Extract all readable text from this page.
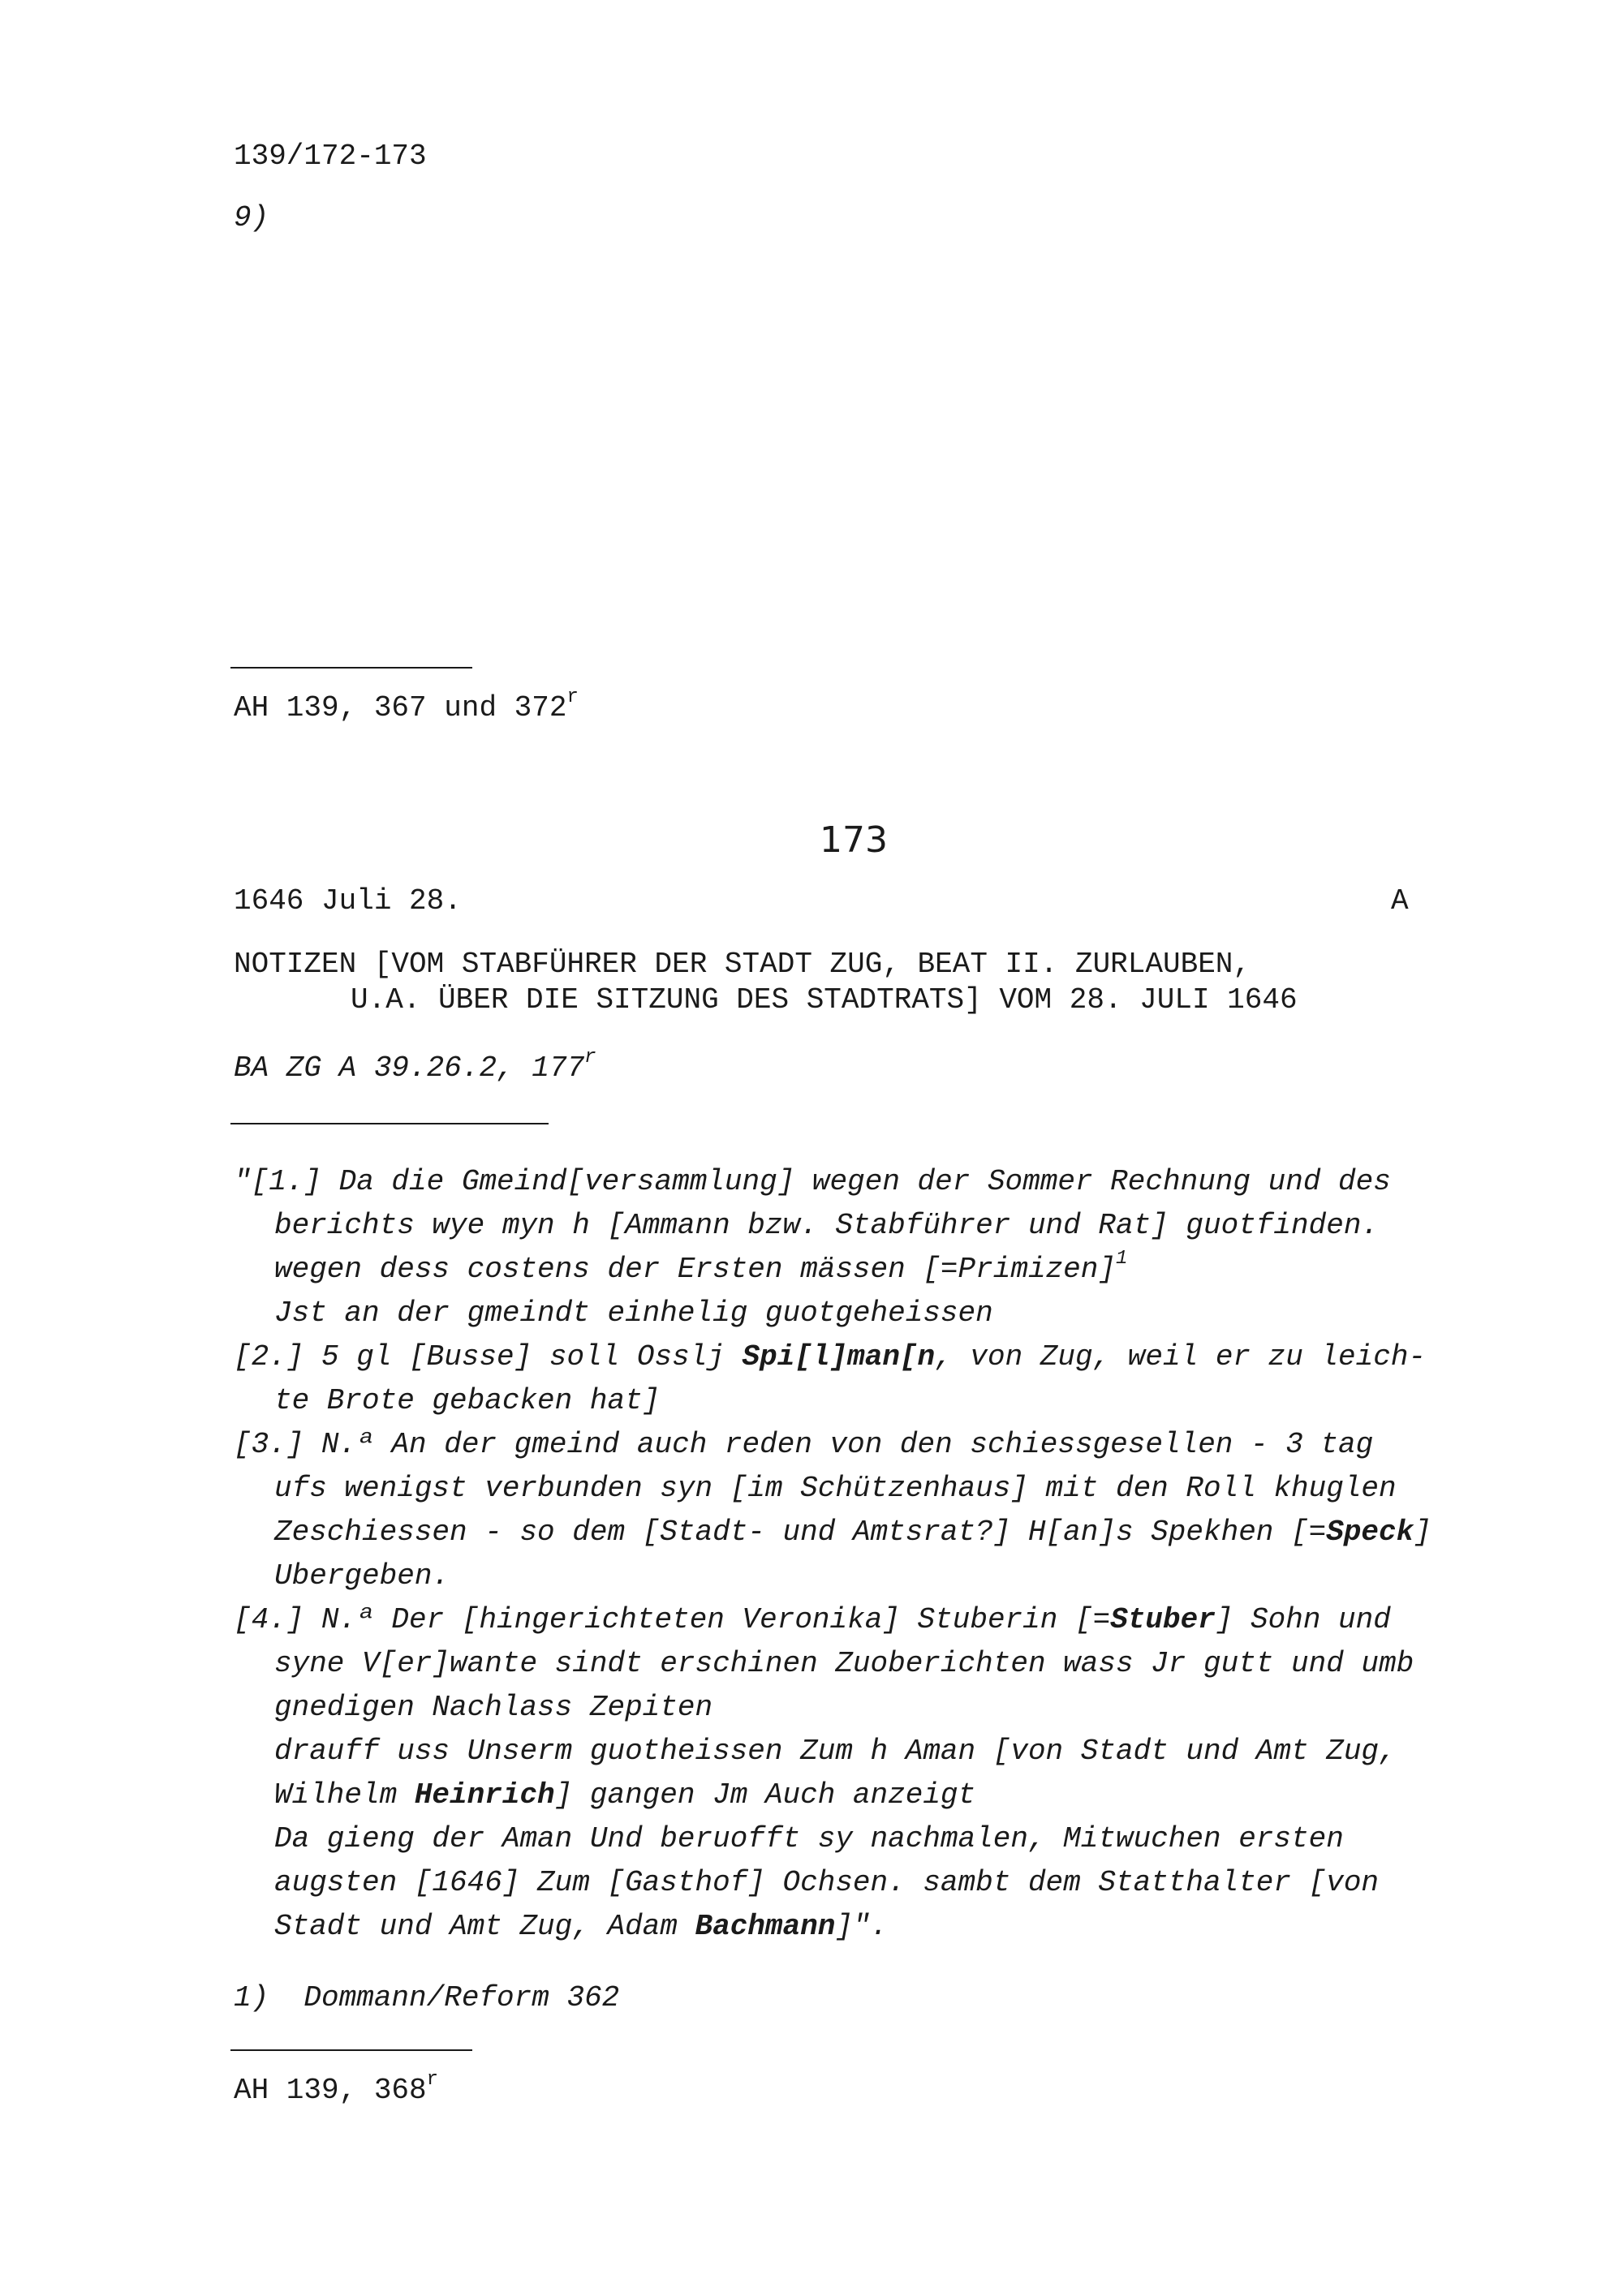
139/172-173
9)
AH 139, 367 und 372$^r$
173
1646 Juli 28.	A
NOTIZEN [VOM STABFÜHRER DER STADT ZUG, BEAT II. ZURLAUBEN,
U.A. ÜBER DIE SITZUNG DES STADTRATS] VOM 28. JULI 1646
BA ZG A 39.26.2, 177$^r$
"[1.] Da die Gmeind[versammlung] wegen der Sommer Rechnung und des
berichts wye myn h [Ammann bzw. Stabführer und Rat] guotfinden.
wegen dess costens der Ersten mässen [=Primizen]$^1$
Jst an der gmeindt einhelig guotgeheissen
[2.] 5 gl [Busse] soll Osslj Spi[l]man[n, von Zug, weil er zu leich-
te Brote gebacken hat]
[3.] N.ª An der gmeind auch reden von den schiessgesellen - 3 tag
ufs wenigst verbunden syn [im Schützenhaus] mit den Roll khuglen
Zeschiessen - so dem [Stadt- und Amtsrat?] H[an]s Spekhen [=Speck]
Ubergeben.
[4.] N.ª Der [hingerichteten Veronika] Stuberin [=Stuber] Sohn und
syne V[er]wante sindt erschinen Zuoberichten wass Jr gutt und umb
gnedigen Nachlass Zepiten
drauff uss Unserm guotheissen Zum h Aman [von Stadt und Amt Zug,
Wilhelm Heinrich] gangen Jm Auch anzeigt
Da gieng der Aman Und beruofft sy nachmalen, Mitwuchen ersten
augsten [1646] Zum [Gasthof] Ochsen. sambt dem Statthalter [von
Stadt und Amt Zug, Adam Bachmann]".
1)  Dommann/Reform 362
AH 139, 368$^r$
